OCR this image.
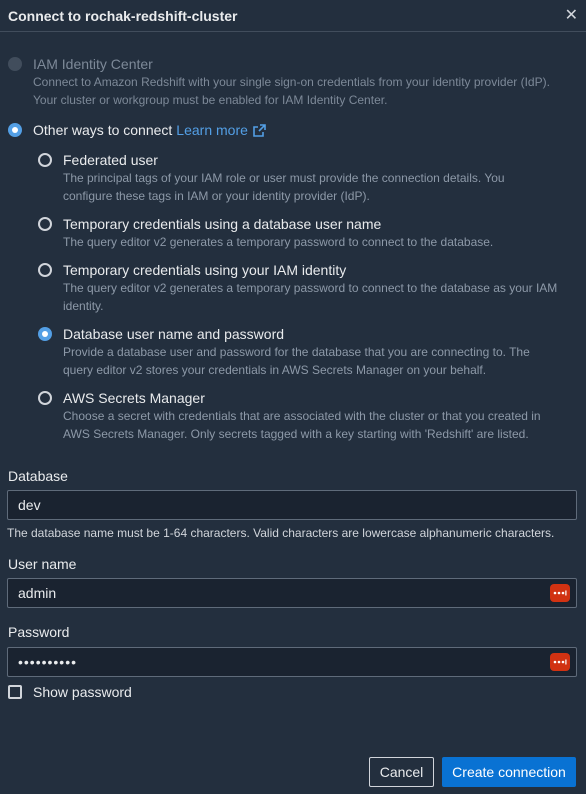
Connect to rochak-redshift-cluster	✕
IAM Identity Center
Connect to Amazon Redshift with your single sign-on credentials from your identity provider (IdP).
Your cluster or workgroup must be enabled for IAM Identity Center.
Other ways to connect Learn more
Federated user
The principal tags of your IAM role or user must provide the connection details. You
configure these tags in IAM or your identity provider (IdP).
Temporary credentials using a database user name
The query editor v2 generates a temporary password to connect to the database.
Temporary credentials using your IAM identity
The query editor v2 generates a temporary password to connect to the database as your IAM
identity.
Database user name and password
Provide a database user and password for the database that you are connecting to. The
query editor v2 stores your credentials in AWS Secrets Manager on your behalf.
AWS Secrets Manager
Choose a secret with credentials that are associated with the cluster or that you created in
AWS Secrets Manager. Only secrets tagged with a key starting with 'Redshift' are listed.
Database
dev
The database name must be 1-64 characters. Valid characters are lowercase alphanumeric characters.
User name
admin
Password
••••••••••
Show password
Cancel	Create connection
